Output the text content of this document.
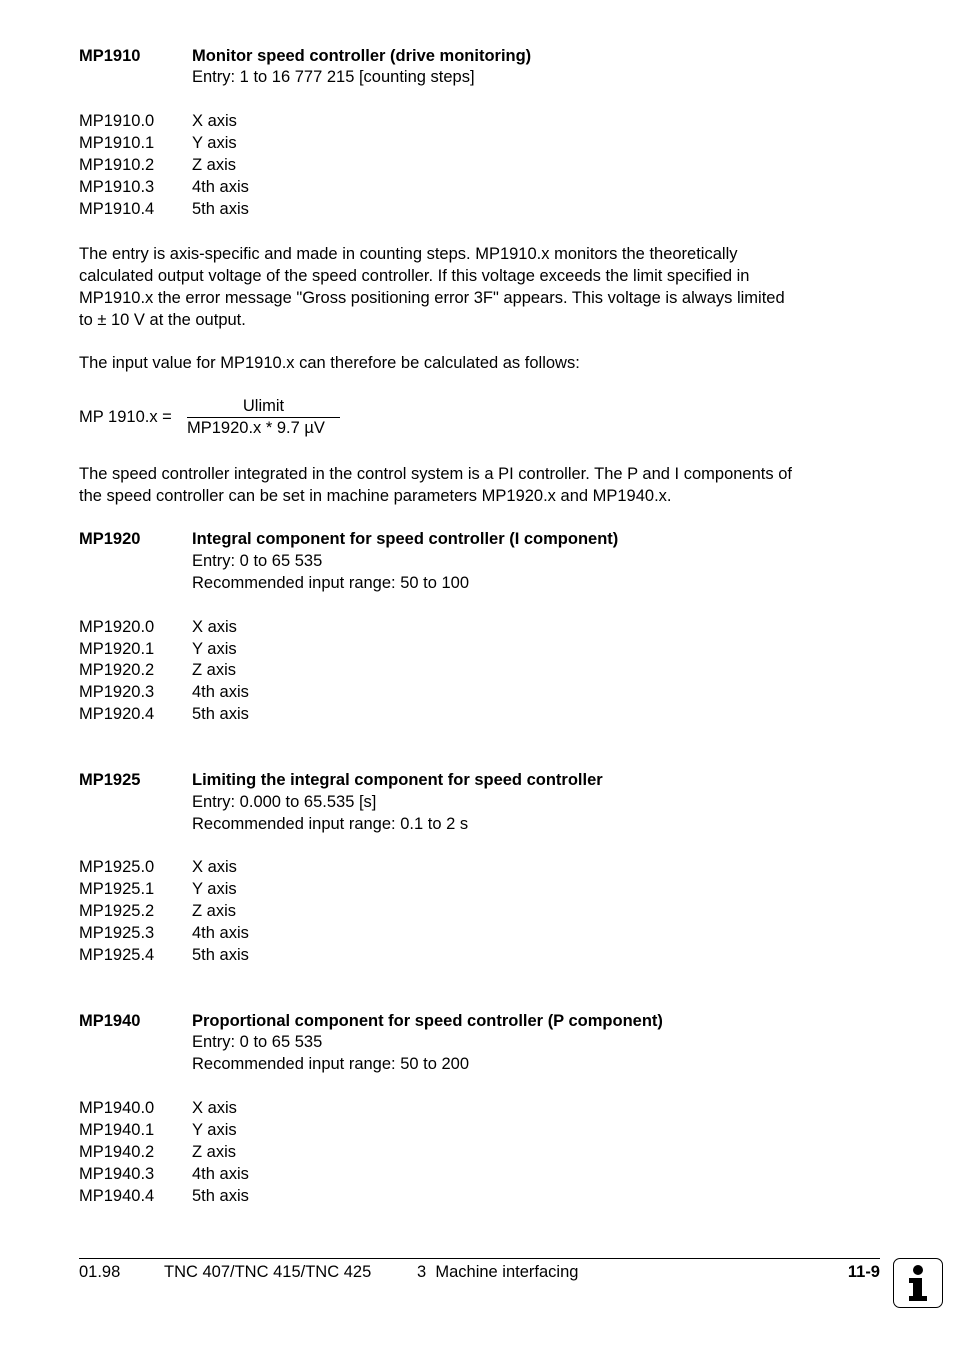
MP1910	Monitor speed controller (drive monitoring)
Entry: 1 to 16 777 215 [counting steps]
MP1910.0 X axis
MP1910.1 Y axis
MP1910.2 Z axis
MP1910.3 4th axis
MP1910.4 5th axis
The entry is axis-specific and made in counting steps. MP1910.x monitors the theoretically
calculated output voltage of the speed controller. If this voltage exceeds the limit specified in
MP1910.x the error message "Gross positioning error 3F" appears. This voltage is always limited
to ± 10 V at the output.
The input value for MP1910.x can therefore be calculated as follows:
MP 1910.x =
Ulimit
MP1920.x * 9.7 µV
The speed controller integrated in the control system is a PI controller. The P and I components of
the speed controller can be set in machine parameters MP1920.x and MP1940.x.
MP1920	Integral component for speed controller (I component)
Entry: 0 to 65 535
Recommended input range: 50 to 100
MP1920.0 X axis
MP1920.1 Y axis
MP1920.2 Z axis
MP1920.3 4th axis
MP1920.4 5th axis
MP1925	Limiting the integral component for speed controller
Entry: 0.000 to 65.535 [s]
Recommended input range: 0.1 to 2 s
MP1925.0 X axis
MP1925.1 Y axis
MP1925.2 Z axis
MP1925.3 4th axis
MP1925.4 5th axis
MP1940	Proportional component for speed controller (P component)
Entry: 0 to 65 535
Recommended input range: 50 to 200
MP1940.0 X axis
MP1940.1 Y axis
MP1940.2 Z axis
MP1940.3 4th axis
MP1940.4 5th axis
01.98	TNC 407/TNC 415/TNC 425	3  Machine interfacing	11-9
